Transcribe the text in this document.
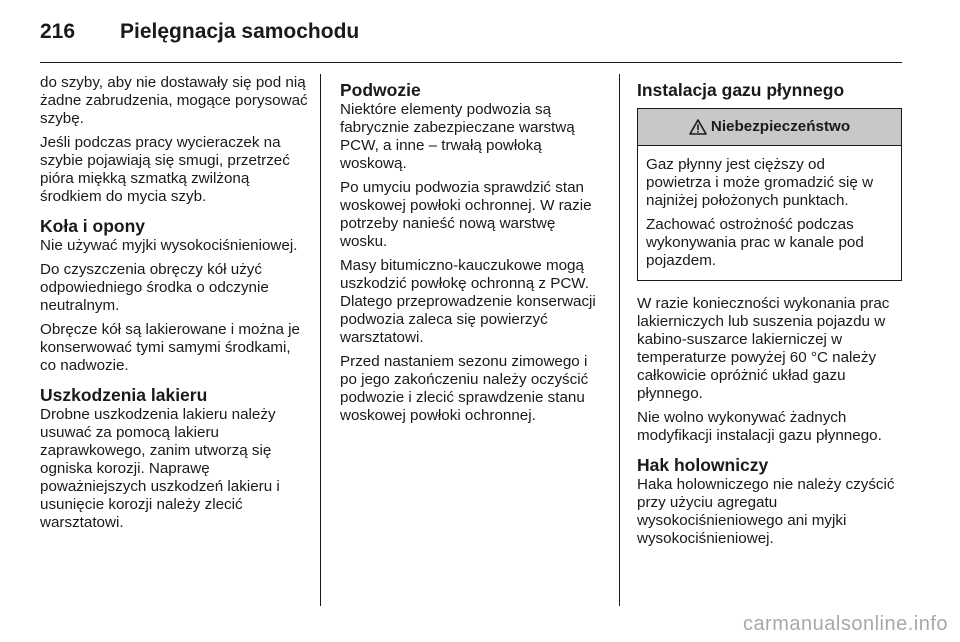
216	Pielęgnacja samochodu

do szyby, aby nie dostawały się pod nią żadne zabrudzenia, mogące porysować szybę.

Jeśli podczas pracy wycieraczek na szybie pojawiają się smugi, przetrzeć pióra miękką szmatką zwilżoną środkiem do mycia szyb.

Koła i opony

Nie używać myjki wysokociśnieniowej.

Do czyszczenia obręczy kół użyć odpowiedniego środka o odczynie neutralnym.

Obręcze kół są lakierowane i można je konserwować tymi samymi środkami, co nadwozie.

Uszkodzenia lakieru

Drobne uszkodzenia lakieru należy usuwać za pomocą lakieru zaprawkowego, zanim utworzą się ogniska korozji. Naprawę poważniejszych uszkodzeń lakieru i usunięcie korozji należy zlecić warsztatowi.

Podwozie

Niektóre elementy podwozia są fabrycznie zabezpieczane warstwą PCW, a inne – trwałą powłoką woskową.

Po umyciu podwozia sprawdzić stan woskowej powłoki ochronnej. W razie potrzeby nanieść nową warstwę wosku.

Masy bitumiczno-kauczukowe mogą uszkodzić powłokę ochronną z PCW. Dlatego przeprowadzenie konserwacji podwozia zaleca się powierzyć warsztatowi.

Przed nastaniem sezonu zimowego i po jego zakończeniu należy oczyścić podwozie i zlecić sprawdzenie stanu woskowej powłoki ochronnej.

Instalacja gazu płynnego
Niebezpieczeństwo

Gaz płynny jest cięższy od powietrza i może gromadzić się w najniżej położonych punktach.

Zachować ostrożność podczas wykonywania prac w kanale pod pojazdem.

W razie konieczności wykonania prac lakierniczych lub suszenia pojazdu w kabino-suszarce lakierniczej w temperaturze powyżej 60 °C należy całkowicie opróżnić układ gazu płynnego.

Nie wolno wykonywać żadnych modyfikacji instalacji gazu płynnego.

Hak holowniczy

Haka holowniczego nie należy czyścić przy użyciu agregatu wysokociśnieniowego ani myjki wysokociśnieniowej.

carmanualsonline.info
